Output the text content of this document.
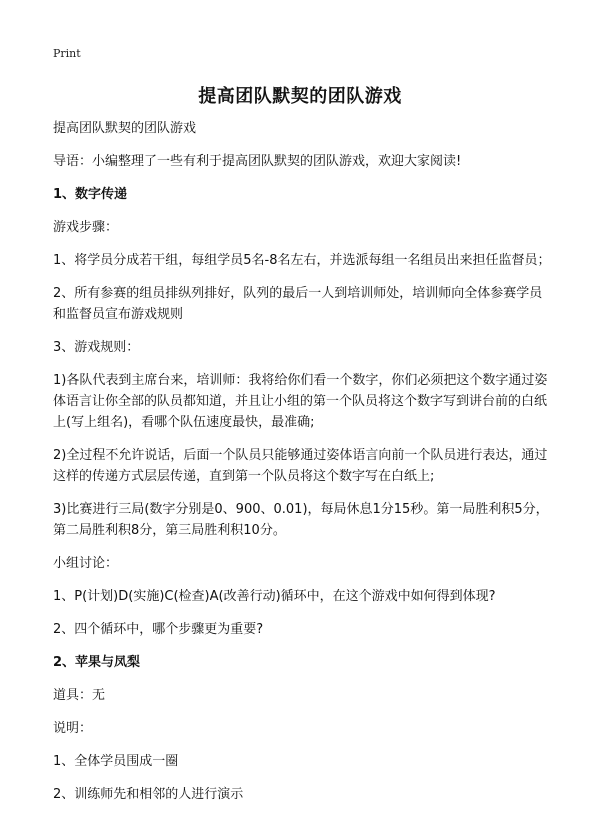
Print
提高团队默契的团队游戏
提高团队默契的团队游戏
导语：小编整理了一些有利于提高团队默契的团队游戏，欢迎大家阅读!
1、数字传递
游戏步骤：
1、将学员分成若干组，每组学员5名-8名左右，并选派每组一名组员出来担任监督员；
2、所有参赛的组员排纵列排好，队列的最后一人到培训师处，培训师向全体参赛学员和监督员宣布游戏规则
3、游戏规则：
1)各队代表到主席台来，培训师：我将给你们看一个数字，你们必须把这个数字通过姿体语言让你全部的队员都知道，并且让小组的第一个队员将这个数字写到讲台前的白纸上(写上组名)，看哪个队伍速度最快，最准确;
2)全过程不允许说话，后面一个队员只能够通过姿体语言向前一个队员进行表达，通过这样的传递方式层层传递，直到第一个队员将这个数字写在白纸上;
3)比赛进行三局(数字分别是0、900、0.01)，每局休息1分15秒。第一局胜利积5分，第二局胜利积8分，第三局胜利积10分。
小组讨论：
1、P(计划)D(实施)C(检查)A(改善行动)循环中，在这个游戏中如何得到体现?
2、四个循环中，哪个步骤更为重要?
2、苹果与凤梨
道具：无
说明：
1、全体学员围成一圈
2、训练师先和相邻的人进行演示
